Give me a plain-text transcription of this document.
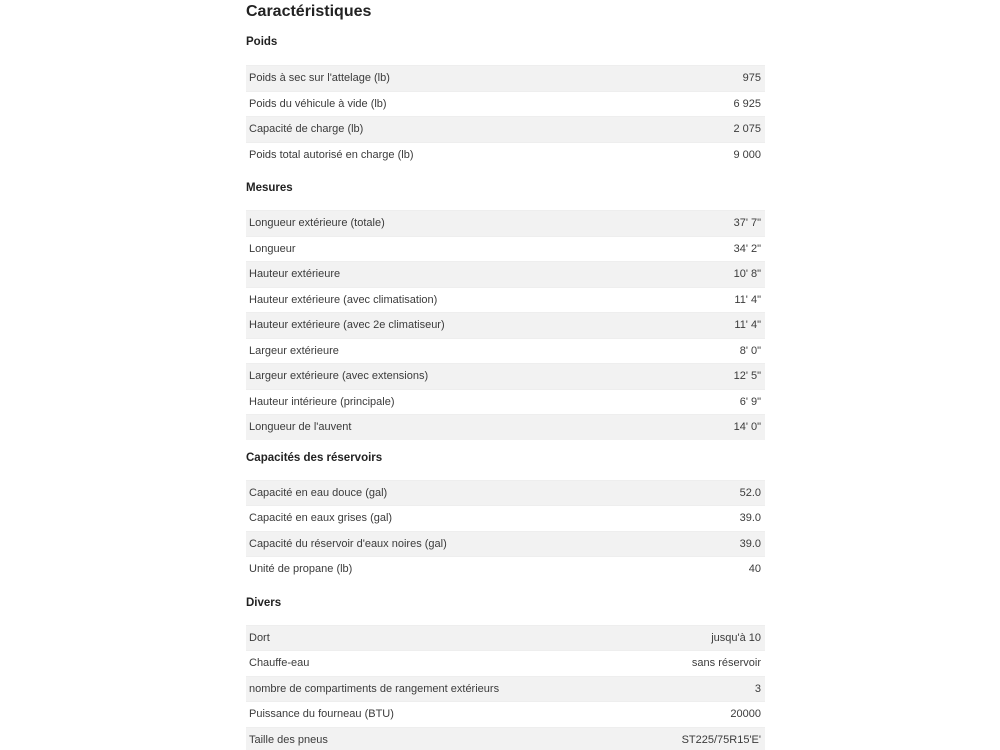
Caractéristiques
Poids
Poids à sec sur l'attelage (lb)	975
Poids du véhicule à vide (lb)	6 925
Capacité de charge (lb)	2 075
Poids total autorisé en charge (lb)	9 000
Mesures
Longueur extérieure (totale)	37' 7"
Longueur	34' 2"
Hauteur extérieure	10' 8"
Hauteur extérieure (avec climatisation)	11' 4"
Hauteur extérieure (avec 2e climatiseur)	11' 4"
Largeur extérieure	8' 0"
Largeur extérieure (avec extensions)	12' 5"
Hauteur intérieure (principale)	6' 9"
Longueur de l'auvent	14' 0"
Capacités des réservoirs
Capacité en eau douce (gal)	52.0
Capacité en eaux grises (gal)	39.0
Capacité du réservoir d'eaux noires (gal)	39.0
Unité de propane (lb)	40
Divers
Dort	jusqu'à 10
Chauffe-eau	sans réservoir
nombre de compartiments de rangement extérieurs	3
Puissance du fourneau (BTU)	20000
Taille des pneus	ST225/75R15'E'
